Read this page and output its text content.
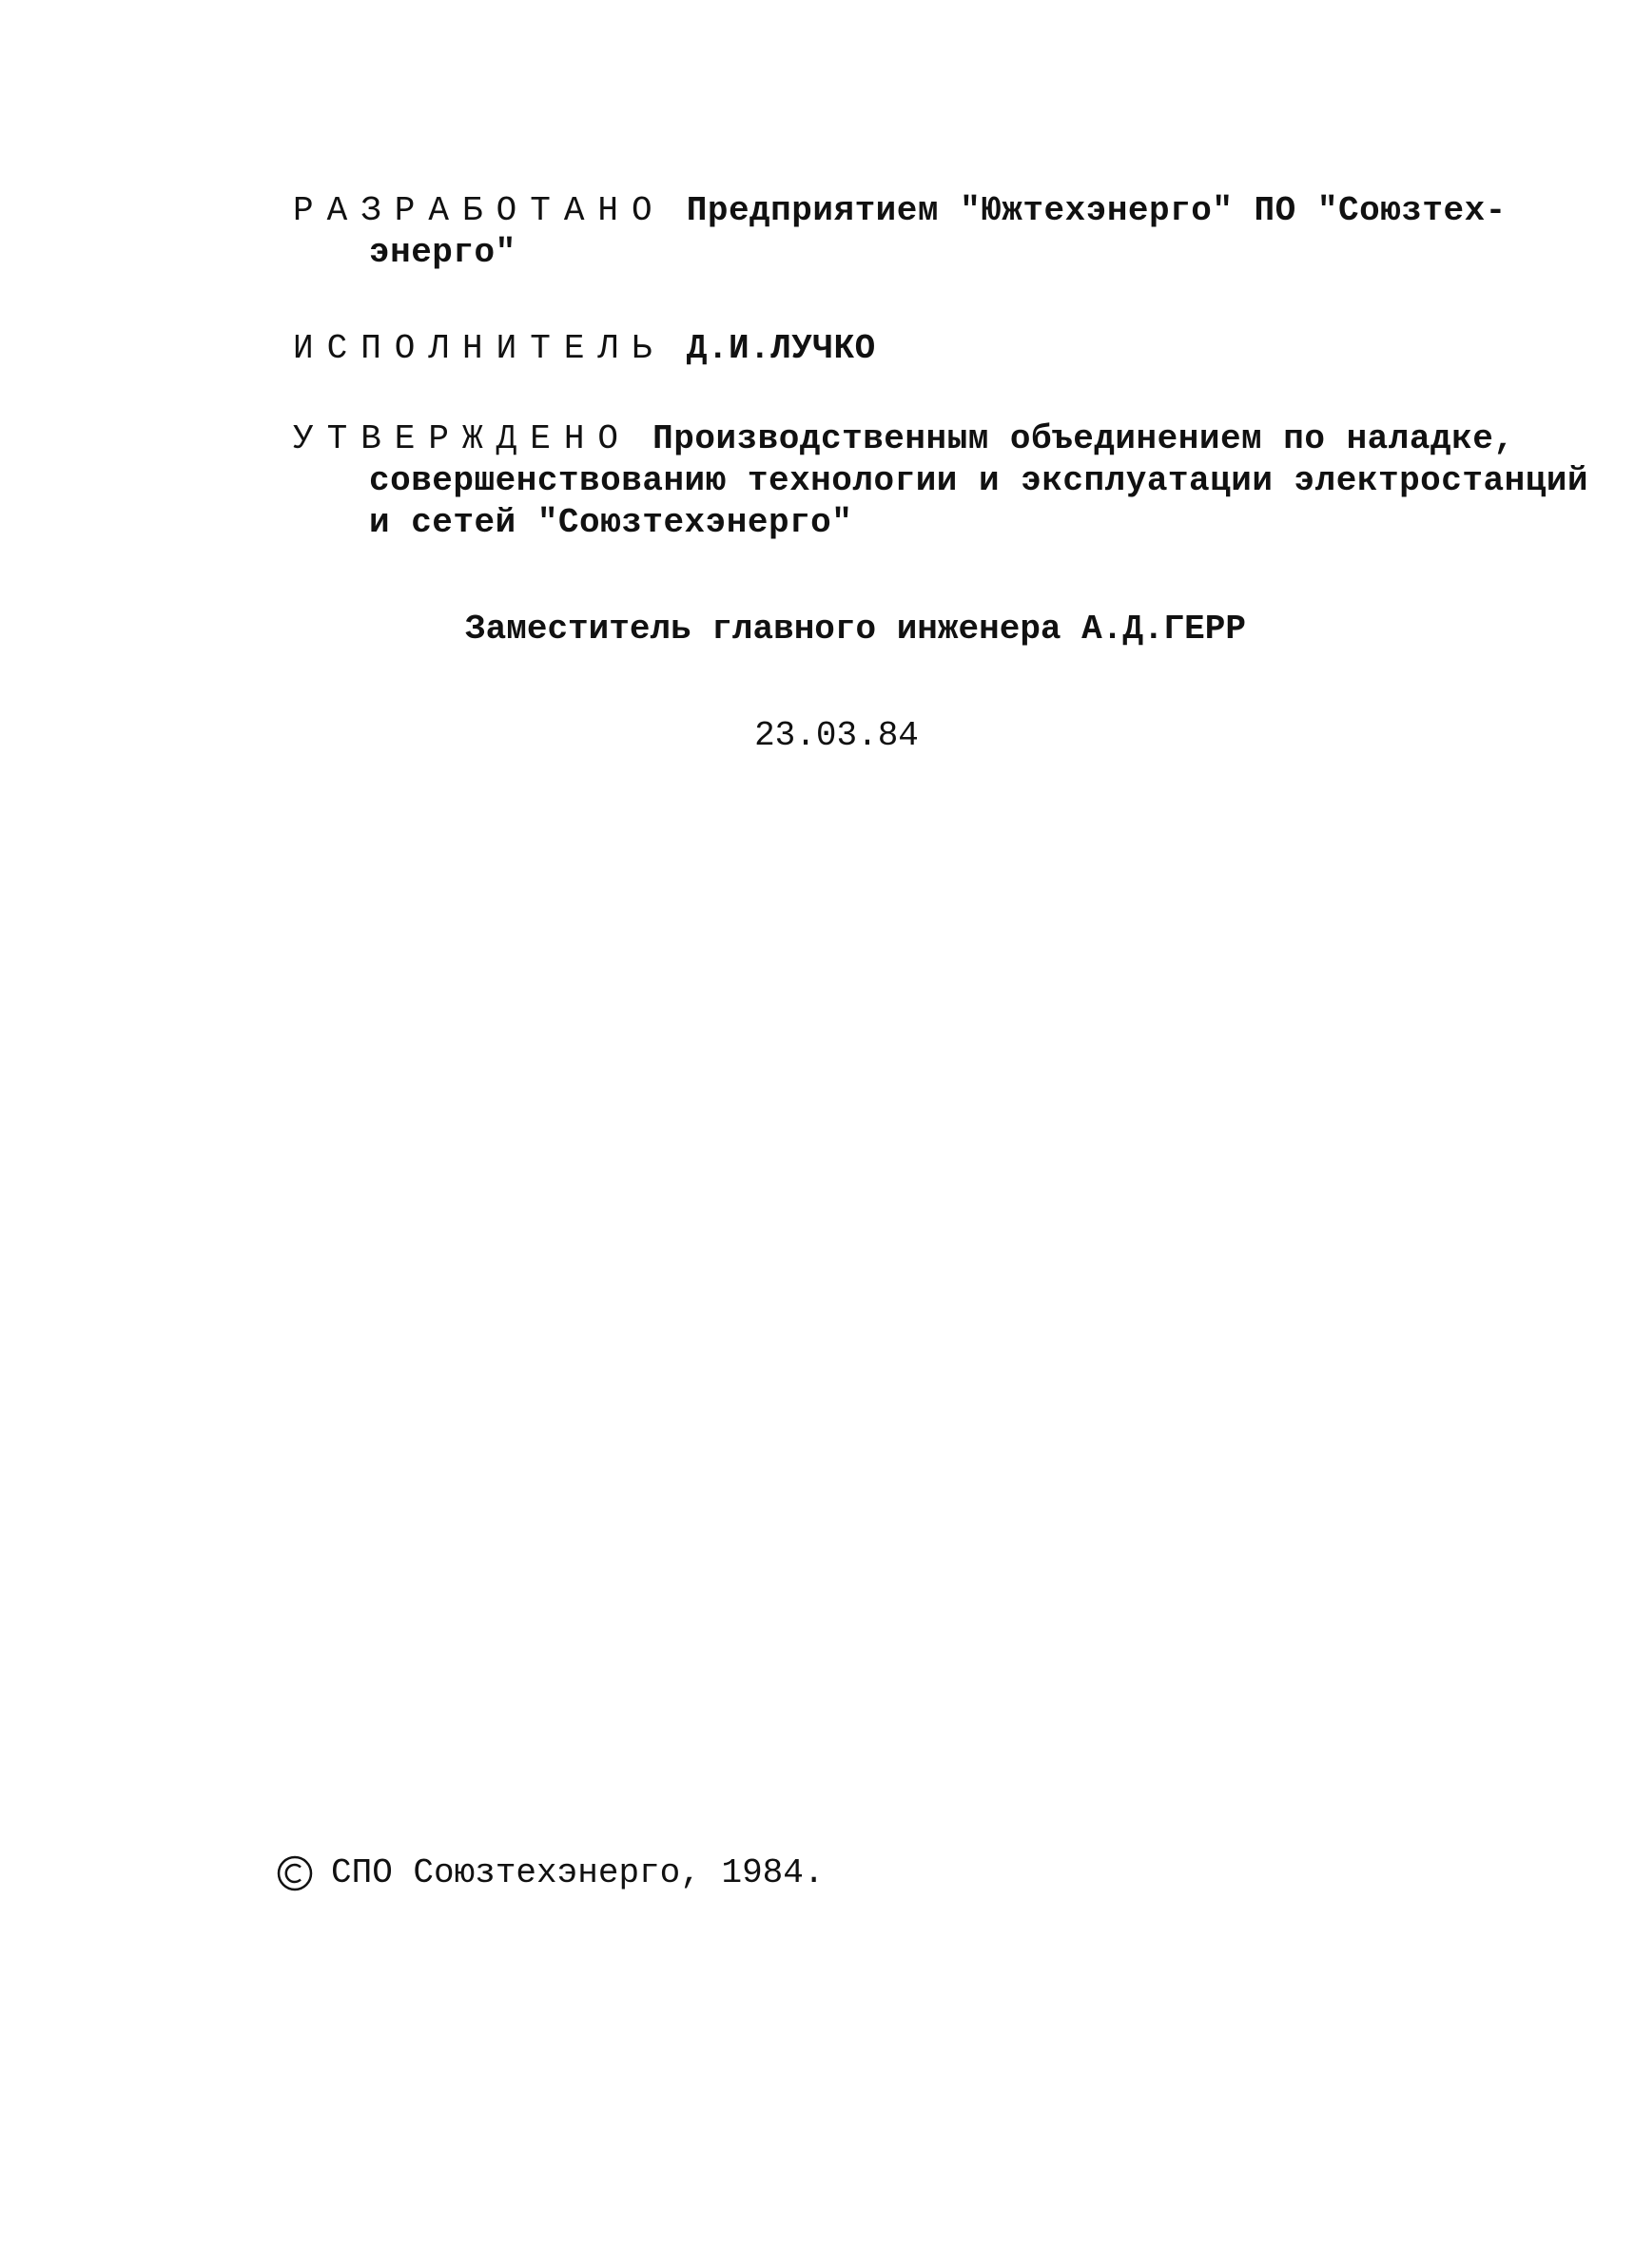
РАЗРАБОТАНО Предприятием "Южтехэнерго" ПО "Союзтех-
энерго"
ИСПОЛНИТЕЛЬ Д.И.ЛУЧКО
УТВЕРЖДЕНО Производственным объединением по наладке,
совершенствованию технологии и эксплуатации электростанций
и сетей "Союзтехэнерго"
Заместитель главного инженера А.Д.ГЕРР
23.03.84
СПО Союзтехэнерго, 1984.
